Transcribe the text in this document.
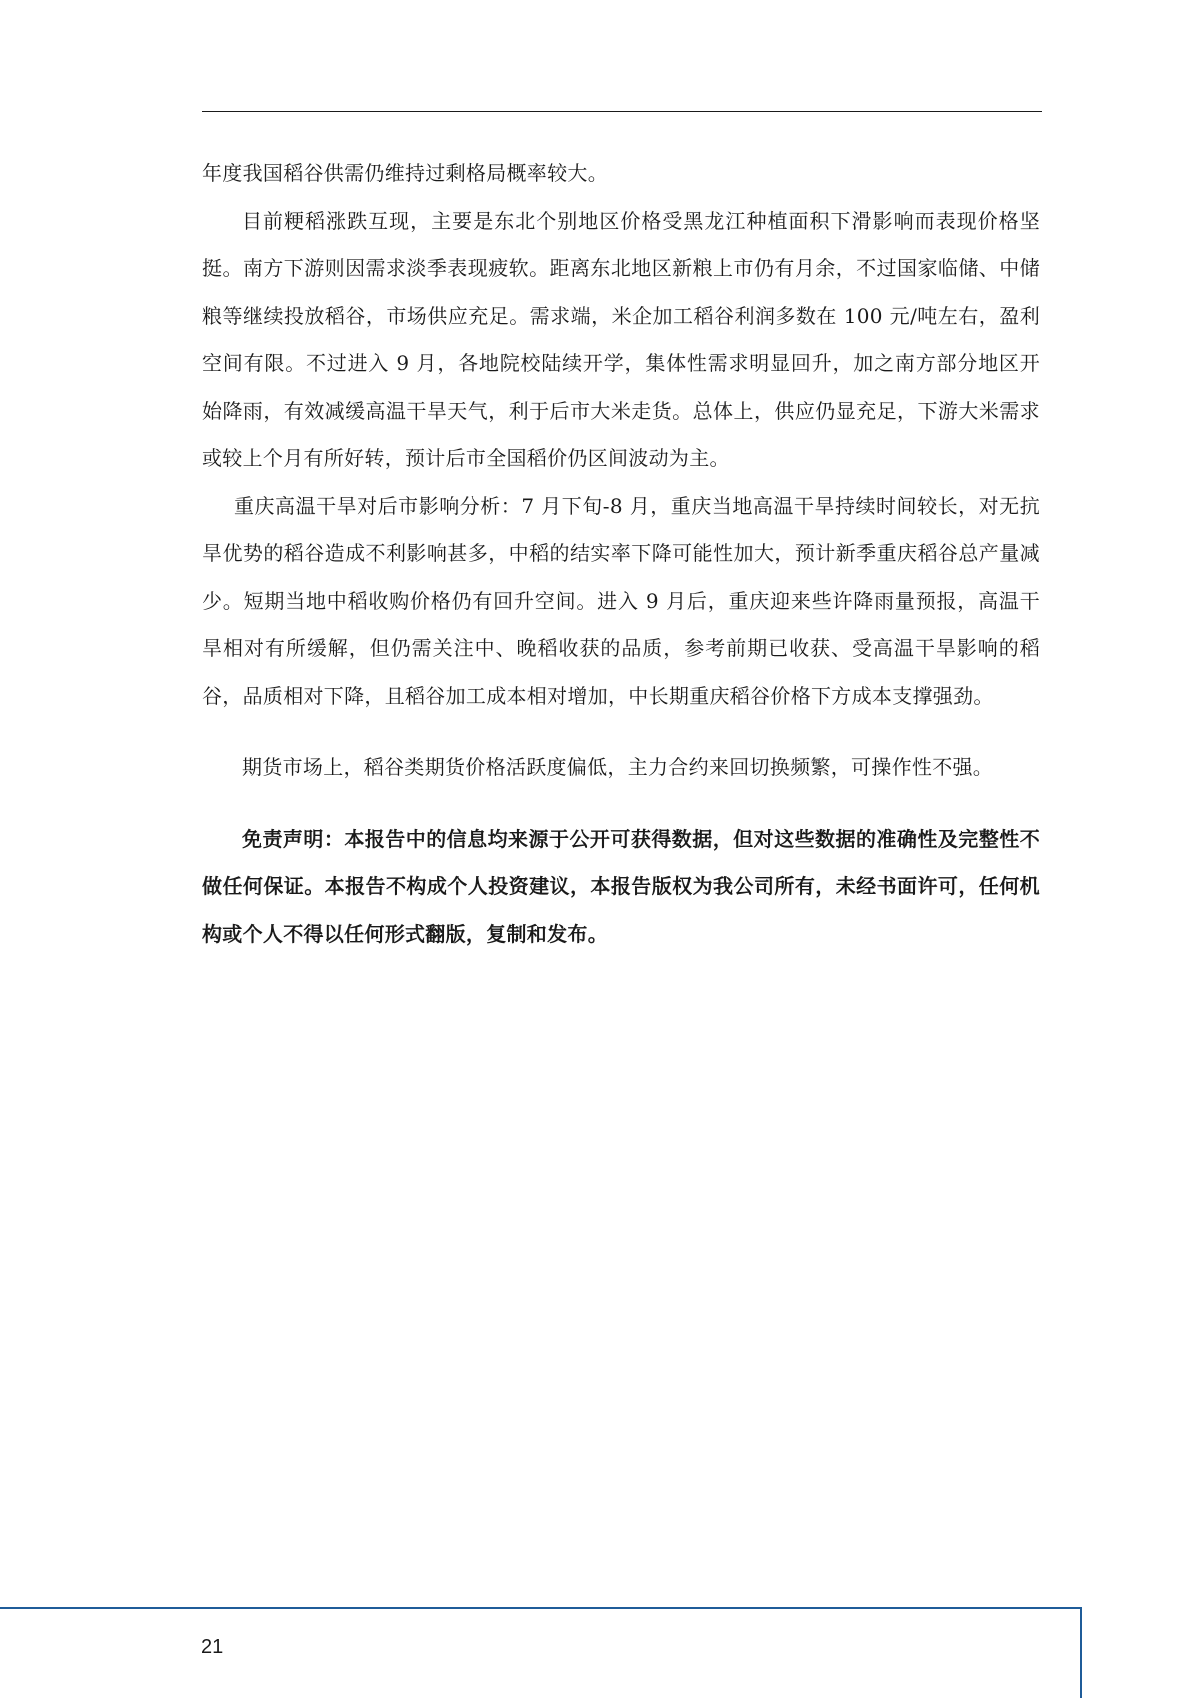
年度我国稻谷供需仍维持过剩格局概率较大。

目前粳稻涨跌互现，主要是东北个别地区价格受黑龙江种植面积下滑影响而表现价格坚挺。南方下游则因需求淡季表现疲软。距离东北地区新粮上市仍有月余，不过国家临储、中储粮等继续投放稻谷，市场供应充足。需求端，米企加工稻谷利润多数在 100 元/吨左右，盈利空间有限。不过进入 9 月，各地院校陆续开学，集体性需求明显回升，加之南方部分地区开始降雨，有效减缓高温干旱天气，利于后市大米走货。总体上，供应仍显充足，下游大米需求或较上个月有所好转，预计后市全国稻价仍区间波动为主。

重庆高温干旱对后市影响分析：7 月下旬-8 月，重庆当地高温干旱持续时间较长，对无抗旱优势的稻谷造成不利影响甚多，中稻的结实率下降可能性加大，预计新季重庆稻谷总产量减少。短期当地中稻收购价格仍有回升空间。进入 9 月后，重庆迎来些许降雨量预报，高温干旱相对有所缓解，但仍需关注中、晚稻收获的品质，参考前期已收获、受高温干旱影响的稻谷，品质相对下降，且稻谷加工成本相对增加，中长期重庆稻谷价格下方成本支撑强劲。

期货市场上，稻谷类期货价格活跃度偏低，主力合约来回切换频繁，可操作性不强。

免责声明：本报告中的信息均来源于公开可获得数据，但对这些数据的准确性及完整性不做任何保证。本报告不构成个人投资建议，本报告版权为我公司所有，未经书面许可，任何机构或个人不得以任何形式翻版，复制和发布。

21
